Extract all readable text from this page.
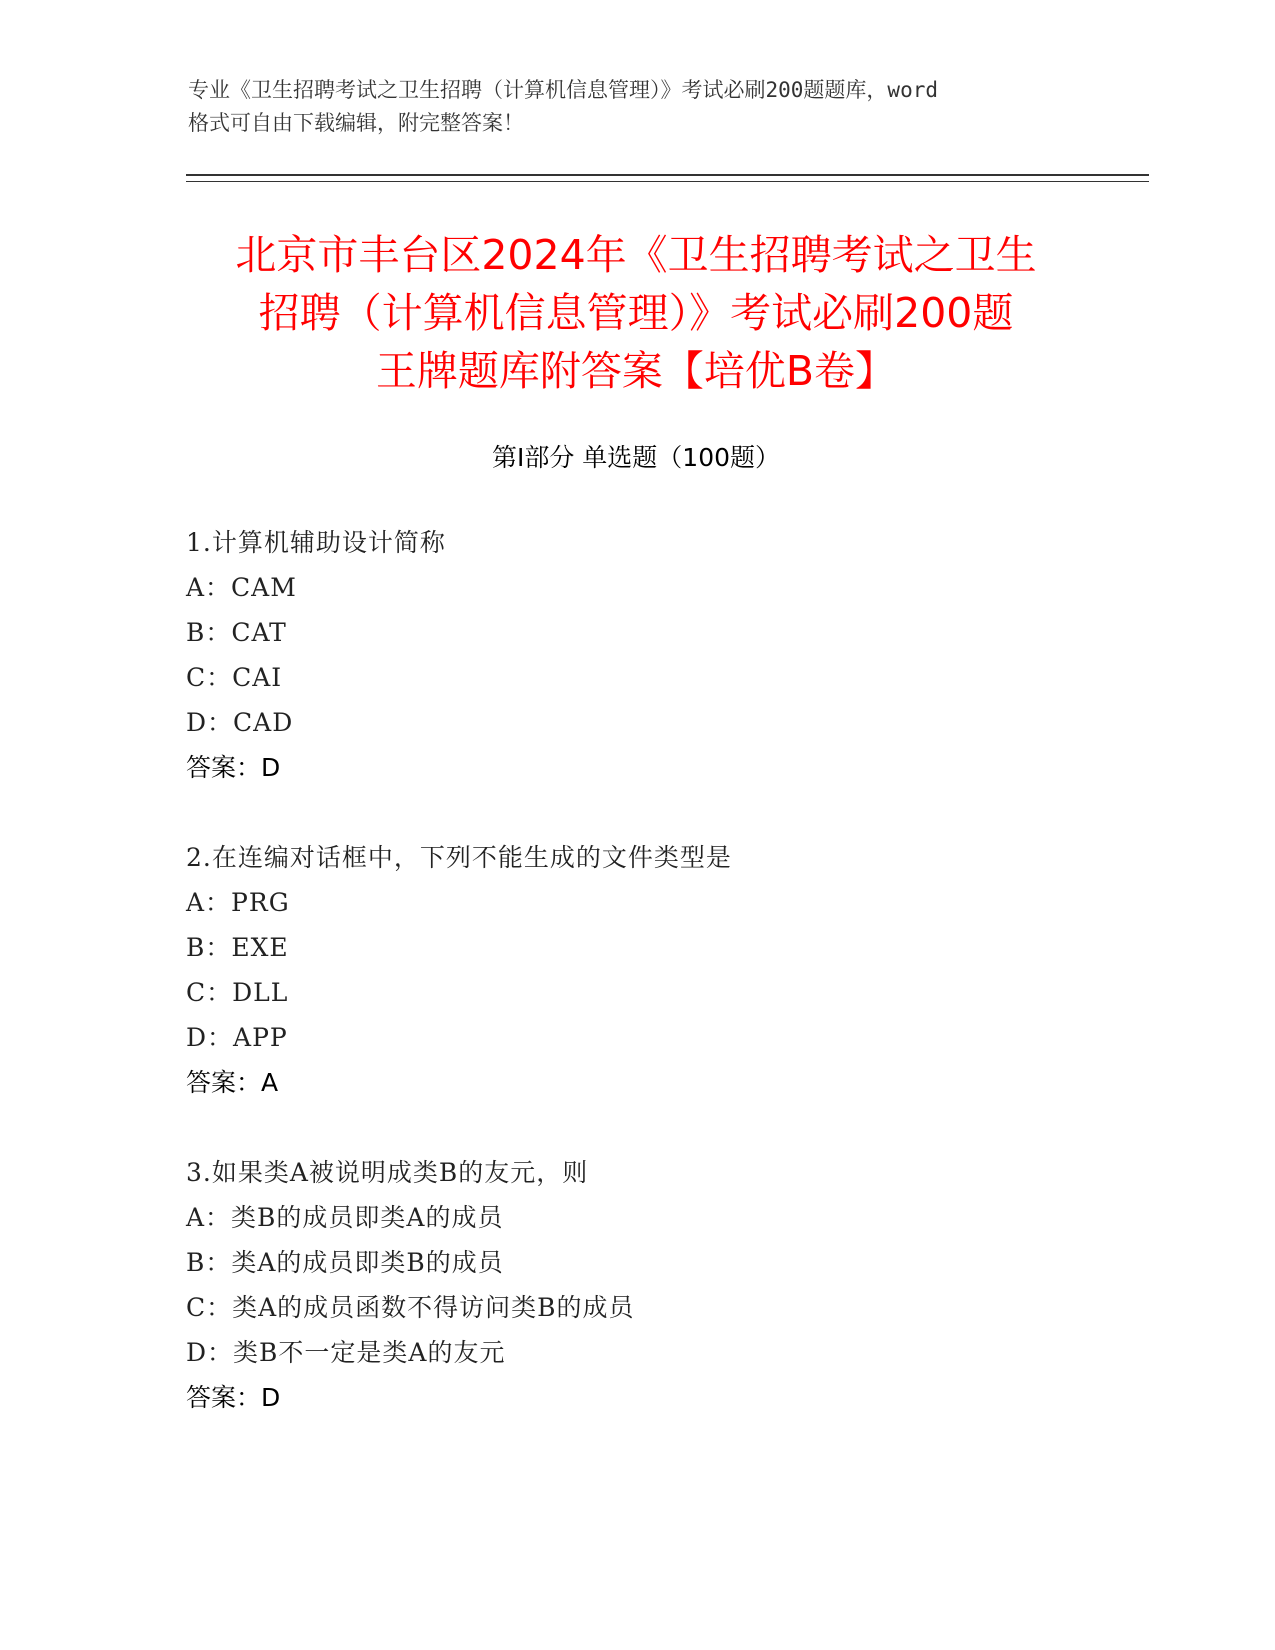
专业《卫生招聘考试之卫生招聘（计算机信息管理）》考试必刷200题题库，word
格式可自由下载编辑，附完整答案！
北京市丰台区2024年《卫生招聘考试之卫生
招聘（计算机信息管理）》考试必刷200题
王牌题库附答案【培优B卷】
第Ⅰ部分 单选题（100题）
1.计算机辅助设计简称
A：CAM
B：CAT
C：CAI
D：CAD
答案：D
2.在连编对话框中，下列不能生成的文件类型是
A：PRG
B：EXE
C：DLL
D：APP
答案：A
3.如果类A被说明成类B的友元，则
A：类B的成员即类A的成员
B：类A的成员即类B的成员
C：类A的成员函数不得访问类B的成员
D：类B不一定是类A的友元
答案：D
